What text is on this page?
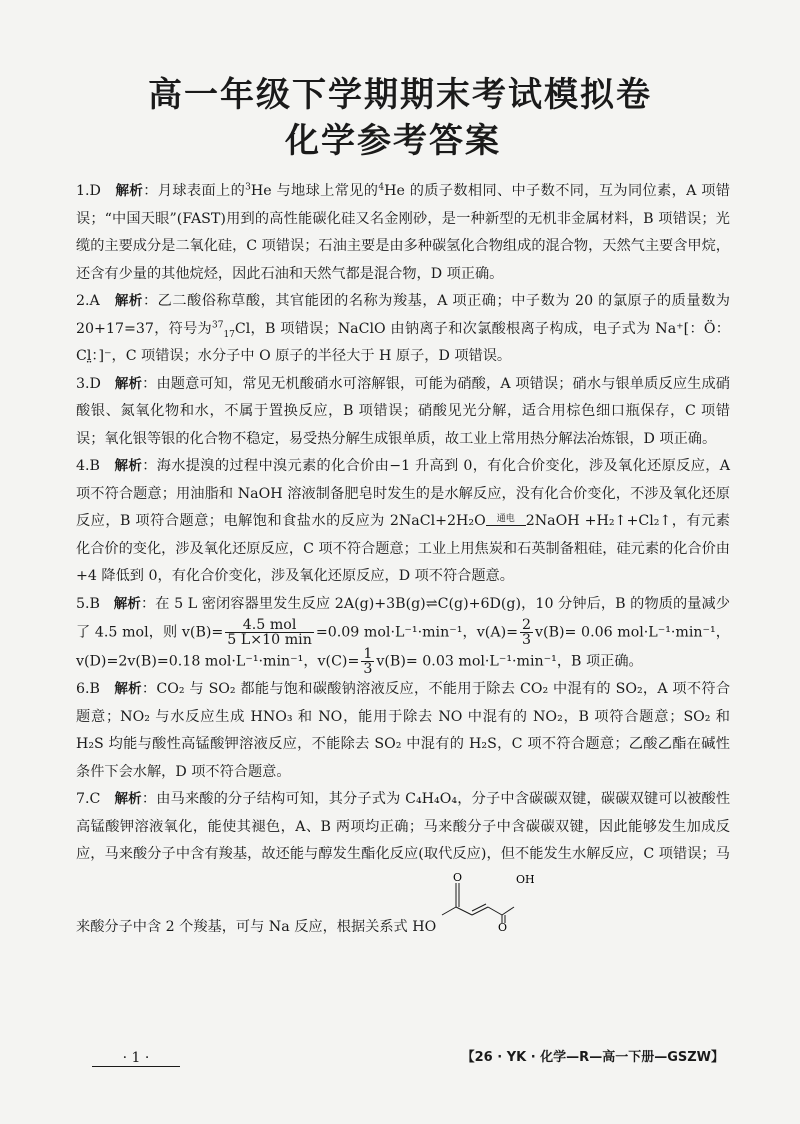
高一年级下学期期末考试模拟卷
化学参考答案

1.D 解析：月球表面上的$^3$He 与地球上常见的$^4$He 的质子数相同、中子数不同，互为同位素，A 项错误；“中国天眼”(FAST)用到的高性能碳化硅又名金刚砂，是一种新型的无机非金属材料，B 项错误；光缆的主要成分是二氧化硅，C 项错误；石油主要是由多种碳氢化合物组成的混合物，天然气主要含甲烷，还含有少量的其他烷烃，因此石油和天然气都是混合物，D 项正确。

2.A 解析：乙二酸俗称草酸，其官能团的名称为羧基，A 项正确；中子数为 20 的氯原子的质量数为 20+17=37，符号为$^{37}_{17}$Cl，B 项错误；NaClO 由钠离子和次氯酸根离子构成，电子式为 Na⁺[：Ö：Cl̤：]⁻，C 项错误；水分子中 O 原子的半径大于 H 原子，D 项错误。

3.D 解析：由题意可知，常见无机酸硝水可溶解银，可能为硝酸，A 项错误；硝水与银单质反应生成硝酸银、氮氧化物和水，不属于置换反应，B 项错误；硝酸见光分解，适合用棕色细口瓶保存，C 项错误；氧化银等银的化合物不稳定，易受热分解生成银单质，故工业上常用热分解法冶炼银，D 项正确。

4.B 解析：海水提溴的过程中溴元素的化合价由−1 升高到 0，有化合价变化，涉及氧化还原反应，A 项不符合题意；用油脂和 NaOH 溶液制备肥皂时发生的是水解反应，没有化合价变化，不涉及氧化还原反应，B 项符合题意；电解饱和食盐水的反应为 2NaCl+2H₂O 通电 2NaOH +H₂↑+Cl₂↑，有元素化合价的变化，涉及氧化还原反应，C 项不符合题意；工业上用焦炭和石英制备粗硅，硅元素的化合价由+4 降低到 0，有化合价变化，涉及氧化还原反应，D 项不符合题意。

5.B 解析：在 5 L 密闭容器里发生反应 2A(g)+3B(g)⇌C(g)+6D(g)，10 分钟后，B 的物质的量减少了 4.5 mol，则 $v(B)= \frac{\text{4.5 mol}}{5 L\times 10 \min} =0.09$ mol·L⁻¹·min⁻¹，$v(A)= \frac{2}{3} v(B)= 0.06$ mol·L⁻¹·min⁻¹，v(D)=2v(B)=0.18 mol·L⁻¹·min⁻¹，$v(C)= \frac{1}{3} v(B)= 0.03$ mol·L⁻¹·min⁻¹，B 项正确。

6.B 解析：CO₂ 与 SO₂ 都能与饱和碳酸钠溶液反应，不能用于除去 CO₂ 中混有的 SO₂，A 项不符合题意；NO₂ 与水反应生成 HNO₃ 和 NO，能用于除去 NO 中混有的 NO₂，B 项符合题意；SO₂ 和 H₂S 均能与酸性高锰酸钾溶液反应，不能除去 SO₂ 中混有的 H₂S，C 项不符合题意；乙酸乙酯在碱性条件下会水解，D 项不符合题意。

7.C 解析：由马来酸的分子结构可知，其分子式为 C₄H₄O₄，分子中含碳碳双键，碳碳双键可以被酸性高锰酸钾溶液氧化，能使其褪色，A、B 两项均正确；马来酸分子中含碳碳双键，因此能够发生加成反应，马来酸分子中含有羧基，故还能与醇发生酯化反应(取代反应)，但不能发生水解反应，C 项错误；马来酸分子中含 2 个羧基，可与 Na 反应，根据关系式 HO
O	OH
O

· 1 ·	【26 · YK · 化学—R—高一下册—GSZW】
